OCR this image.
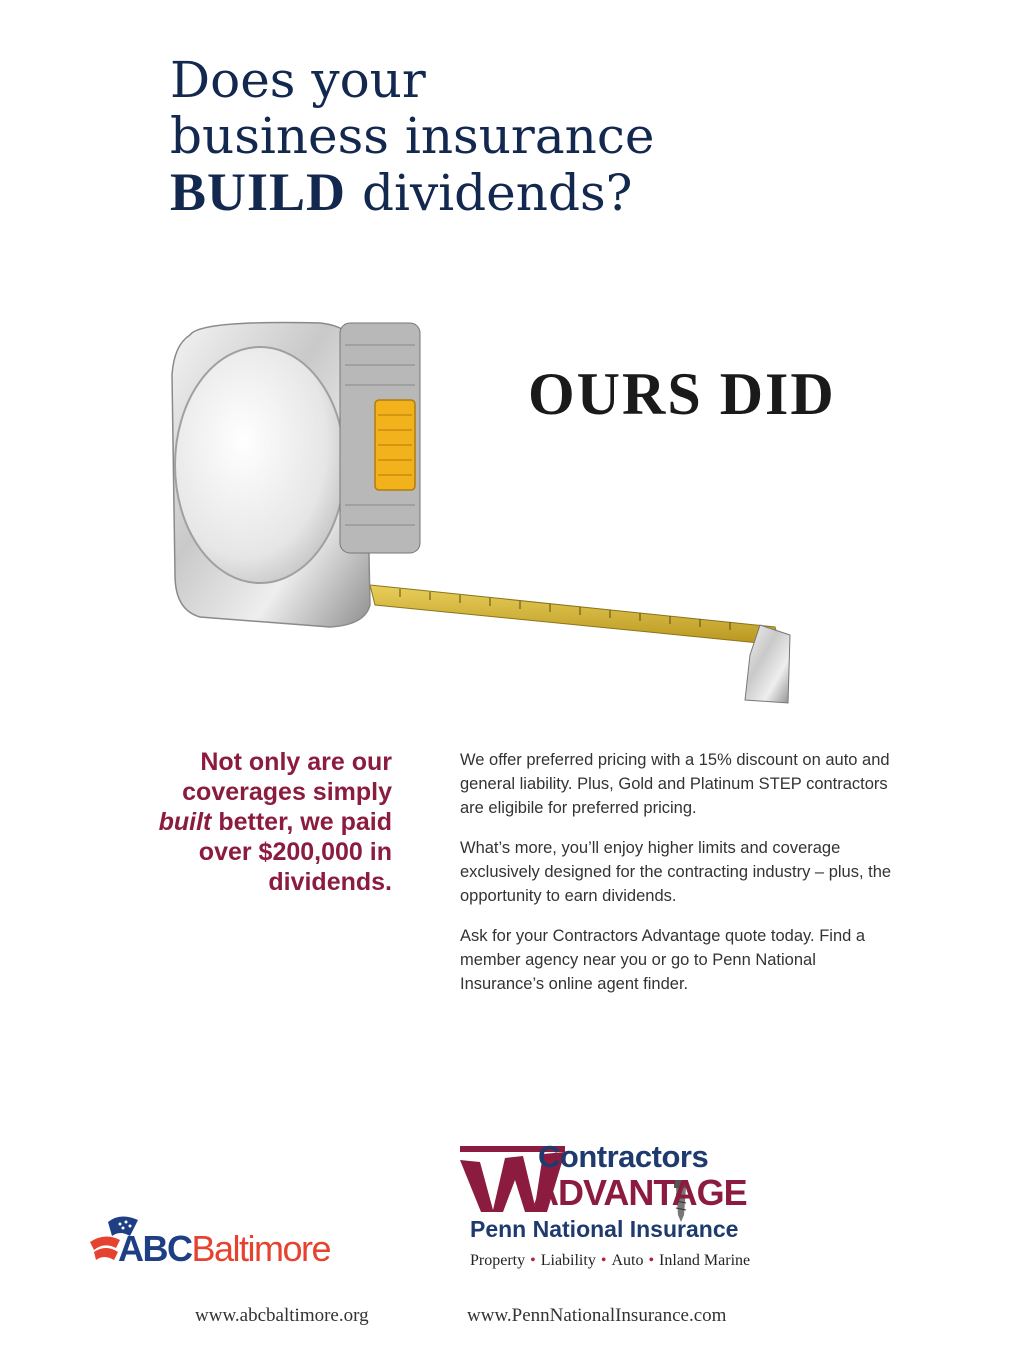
Does your
business insurance
BUILD dividends?
OURS DID
Not only are our coverages simply built better, we paid over $200,000 in dividends.

We offer preferred pricing with a 15% discount on auto and general liability. Plus, Gold and Platinum STEP contractors are eligibile for preferred pricing.

What’s more, you’ll enjoy higher limits and coverage exclusively designed for the contracting industry – plus, the opportunity to earn dividends.

Ask for your Contractors Advantage quote today. Find a member agency near you or go to Penn National Insurance’s online agent finder.

Contractors
ADVANTAGE
Penn National Insurance
Property • Liability • Auto • Inland Marine
ABCBaltimore
www.abcbaltimore.org	www.PennNationalInsurance.com
